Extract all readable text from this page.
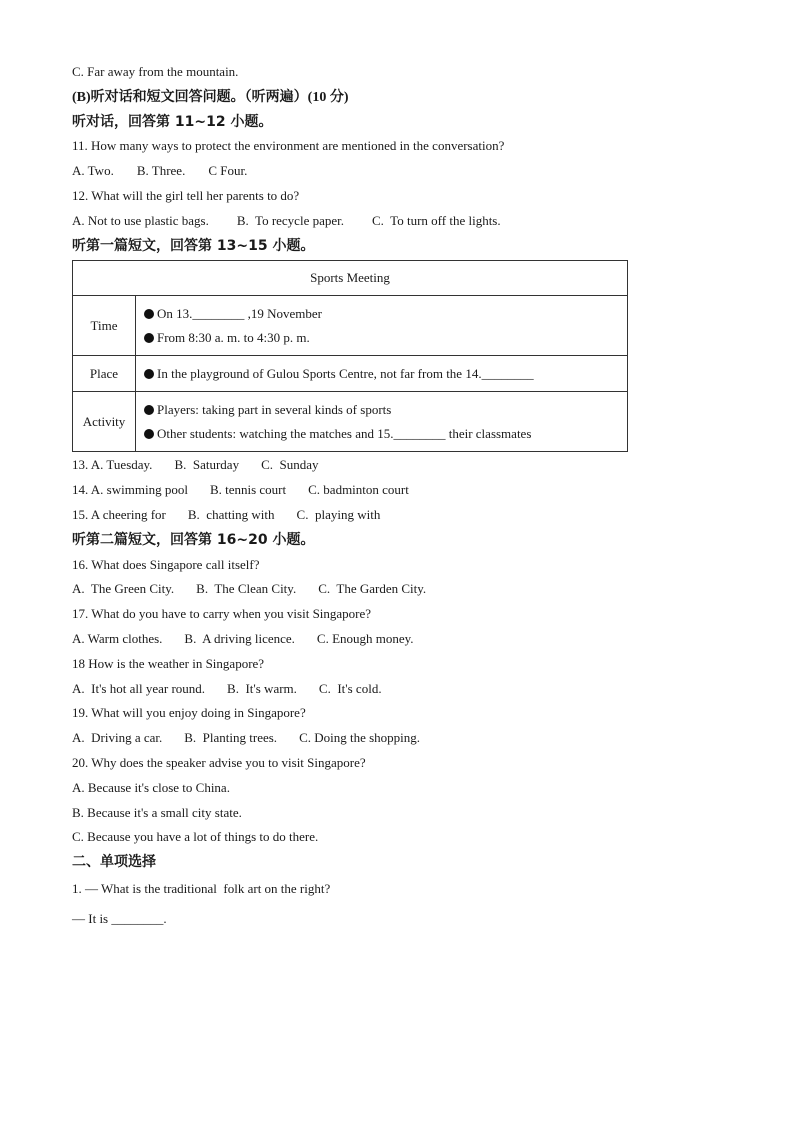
C. Far away from the mountain.
(B)听对话和短文回答问题。（听两遍）(10 分)
听对话，回答第 11~12 小题。
11. How many ways to protect the environment are mentioned in the conversation?
A. Two. B. Three. C Four.
12. What will the girl tell her parents to do?
A. Not to use plastic bags. B.  To recycle paper. C.  To turn off the lights.
听第一篇短文，回答第 13~15 小题。
Sports Meeting	
Time	On 13.________ ,19 November
From 8:30 a. m. to 4:30 p. m.

Place	In the playground of Gulou Sports Centre, not far from the 14.________

Activity	Players: taking part in several kinds of sports
Other students: watching the matches and 15.________ their classmates
13. A. Tuesday. B.  Saturday C.  Sunday
14. A. swimming pool B. tennis court C. badminton court
15. A cheering for B.  chatting with C.  playing with
听第二篇短文，回答第 16~20 小题。
16. What does Singapore call itself?
A.  The Green City. B.  The Clean City. C.  The Garden City.
17. What do you have to carry when you visit Singapore?
A. Warm clothes. B.  A driving licence. C. Enough money.
18 How is the weather in Singapore?
A.  It's hot all year round. B.  It's warm. C.  It's cold.
19. What will you enjoy doing in Singapore?
A.  Driving a car. B.  Planting trees. C. Doing the shopping.
20. Why does the speaker advise you to visit Singapore?
A. Because it's close to China.
B. Because it's a small city state.
C. Because you have a lot of things to do there.
二、单项选择
1. — What is the traditional  folk art on the right?
— It is ________.
